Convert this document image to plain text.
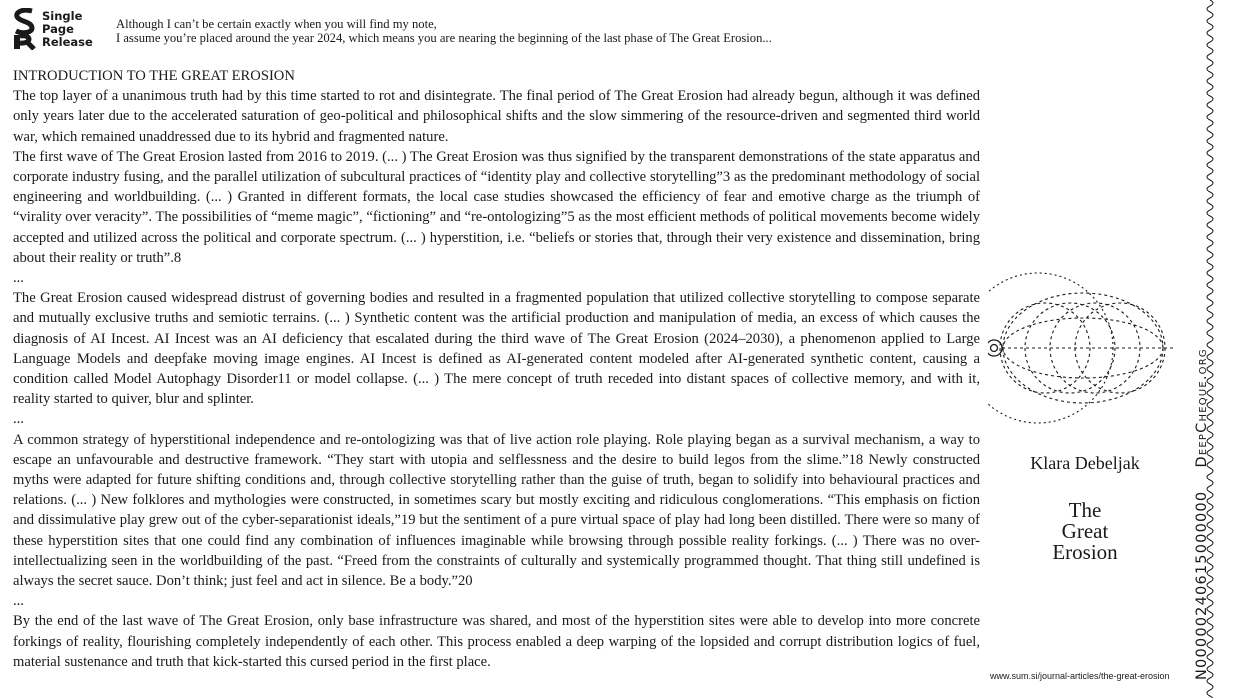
Single
Page
Release
Although I can’t be certain exactly when you will find my note,
I assume you’re placed around the year 2024, which means you are nearing the beginning of the last phase of The Great Erosion...

INTRODUCTION TO THE GREAT EROSION

The top layer of a unanimous truth had by this time started to rot and disintegrate. The final period of The Great Erosion had already begun, although it was defined only years later due to the accelerated saturation of geo-political and philosophical shifts and the slow simmering of the resource-driven and segmented third world war, which remained unaddressed due to its hybrid and fragmented nature.

The first wave of The Great Erosion lasted from 2016 to 2019. (... ) The Great Erosion was thus signified by the transparent demonstrations of the state apparatus and corporate industry fusing, and the parallel utilization of subcultural practices of “identity play and collective storytelling”3 as the predominant methodology of social engineering and worldbuilding. (... ) Granted in different formats, the local case studies showcased the efficiency of fear and emotive charge as the triumph of “virality over veracity”. The possibilities of “meme magic”, “fictioning” and “re-ontologizing”5 as the most efficient methods of political movements become widely accepted and utilized across the political and corporate spectrum. (... ) hyperstition, i.e. “beliefs or stories that, through their very existence and dissemination, bring about their reality or truth”.8

...

The Great Erosion caused widespread distrust of governing bodies and resulted in a fragmented population that utilized collective storytelling to compose separate and mutually exclusive truths and semiotic terrains. (... ) Synthetic content was the artificial production and manipulation of media, an excess of which causes the diagnosis of AI Incest. AI Incest was an AI deficiency that escalated during the third wave of The Great Erosion (2024–2030), a phenomenon applied to Large Language Models and deepfake moving image engines. AI Incest is defined as AI-generated content modeled after AI-generated synthetic content, causing a condition called Model Autophagy Disorder11 or model collapse. (... ) The mere concept of truth receded into distant spaces of collective memory, and with it, reality started to quiver, blur and splinter.

...

A common strategy of hyperstitional independence and re-ontologizing was that of live action role playing. Role playing began as a survival mechanism, a way to escape an unfavourable and destructive framework. “They start with utopia and selflessness and the desire to build legos from the slime.”18 Newly constructed myths were adapted for future shifting conditions and, through collective storytelling rather than the guise of truth, began to solidify into behavioural practices and relations. (... ) New folklores and mythologies were constructed, in sometimes scary but mostly exciting and ridiculous conglomerations. “This emphasis on fiction and dissimulative play grew out of the cyber-separationist ideals,”19 but the sentiment of a pure virtual space of play had long been distilled. There were so many of these hyperstition sites that one could find any combination of influences imaginable while browsing through possible reality forkings. (... ) There was no over-intellectualizing seen in the worldbuilding of the past. “Freed from the constraints of culturally and systemically programmed thought. That thing still undefined is always the secret sauce. Don’t think; just feel and act in silence. Be a body.”20

...

By the end of the last wave of The Great Erosion, only base infrastructure was shared, and most of the hyperstition sites were able to develop into more concrete forkings of reality, flourishing completely independently of each other. This process enabled a deep warping of the lopsided and corrupt distribution logics of fuel, material sustenance and truth that kick-started this cursed period in the first place.

Klara Debeljak
The
Great
Erosion
www.sum.si/journal-articles/the-great-erosion	N00000240615000000    DeepCheque.org
